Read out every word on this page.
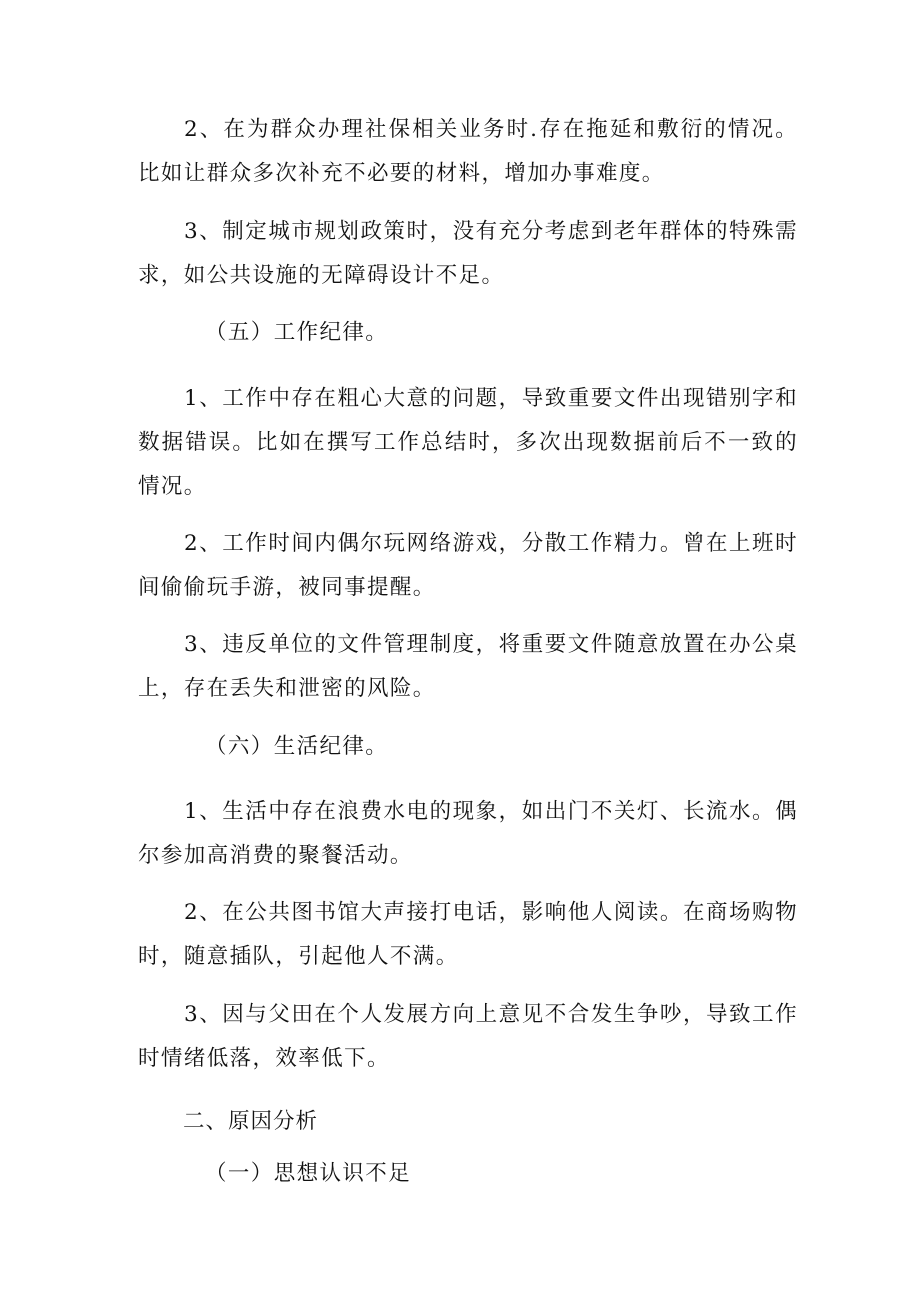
2、在为群众办理社保相关业务时.存在拖延和敷衍的情况。比如让群众多次补充不必要的材料，增加办事难度。

3、制定城市规划政策时，没有充分考虑到老年群体的特殊需求，如公共设施的无障碍设计不足。

（五）工作纪律。

1、工作中存在粗心大意的问题，导致重要文件出现错别字和数据错误。比如在撰写工作总结时，多次出现数据前后不一致的情况。

2、工作时间内偶尔玩网络游戏，分散工作精力。曾在上班时间偷偷玩手游，被同事提醒。

3、违反单位的文件管理制度，将重要文件随意放置在办公桌上，存在丢失和泄密的风险。

（六）生活纪律。

1、生活中存在浪费水电的现象，如出门不关灯、长流水。偶尔参加高消费的聚餐活动。

2、在公共图书馆大声接打电话，影响他人阅读。在商场购物时，随意插队，引起他人不满。

3、因与父田在个人发展方向上意见不合发生争吵，导致工作时情绪低落，效率低下。

二、原因分析

（一）思想认识不足
